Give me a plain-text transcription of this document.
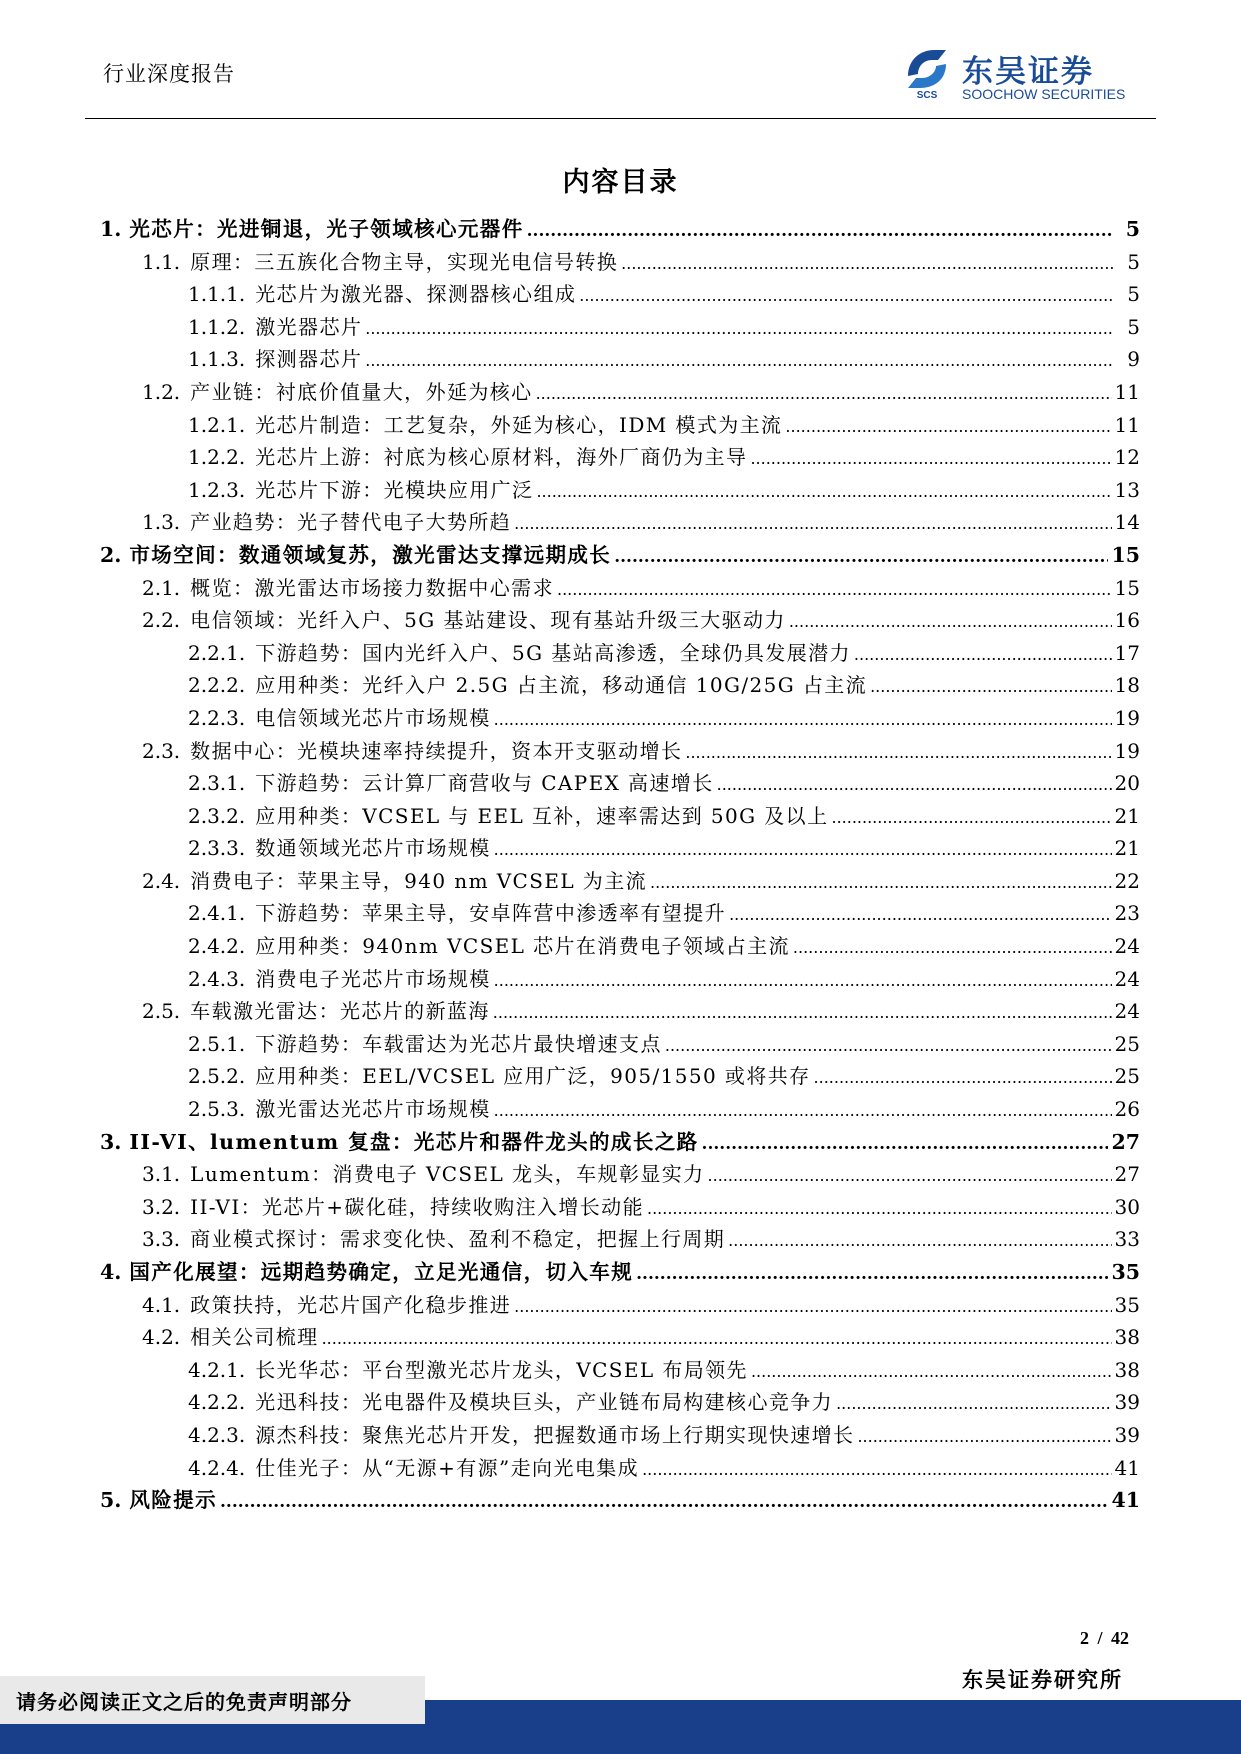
行业深度报告
SCS
东吴证券
SOOCHOW SECURITIES
内容目录
1. 光芯片：光进铜退，光子领域核心元器件 .....	5
1.1. 原理：三五族化合物主导，实现光电信号转换 .....	5
1.1.1. 光芯片为激光器、探测器核心组成 .....	5
1.1.2. 激光器芯片 .....	5
1.1.3. 探测器芯片 .....	9
1.2. 产业链：衬底价值量大，外延为核心 .....	11
1.2.1. 光芯片制造：工艺复杂，外延为核心，IDM 模式为主流 .....	11
1.2.2. 光芯片上游：衬底为核心原材料，海外厂商仍为主导 .....	12
1.2.3. 光芯片下游：光模块应用广泛 .....	13
1.3. 产业趋势：光子替代电子大势所趋 .....	14
2. 市场空间：数通领域复苏，激光雷达支撑远期成长 .....	15
2.1. 概览：激光雷达市场接力数据中心需求 .....	15
2.2. 电信领域：光纤入户、5G 基站建设、现有基站升级三大驱动力 .....	16
2.2.1. 下游趋势：国内光纤入户、5G 基站高渗透，全球仍具发展潜力 .....	17
2.2.2. 应用种类：光纤入户 2.5G 占主流，移动通信 10G/25G 占主流 .....	18
2.2.3. 电信领域光芯片市场规模 .....	19
2.3. 数据中心：光模块速率持续提升，资本开支驱动增长 .....	19
2.3.1. 下游趋势：云计算厂商营收与 CAPEX 高速增长 .....	20
2.3.2. 应用种类：VCSEL 与 EEL 互补，速率需达到 50G 及以上 .....	21
2.3.3. 数通领域光芯片市场规模 .....	21
2.4. 消费电子：苹果主导，940 nm VCSEL 为主流 .....	22
2.4.1. 下游趋势：苹果主导，安卓阵营中渗透率有望提升 .....	23
2.4.2. 应用种类：940nm VCSEL 芯片在消费电子领域占主流 .....	24
2.4.3. 消费电子光芯片市场规模 .....	24
2.5. 车载激光雷达：光芯片的新蓝海 .....	24
2.5.1. 下游趋势：车载雷达为光芯片最快增速支点 .....	25
2.5.2. 应用种类：EEL/VCSEL 应用广泛，905/1550 或将共存 .....	25
2.5.3. 激光雷达光芯片市场规模 .....	26
3. II-VI、lumentum 复盘：光芯片和器件龙头的成长之路 .....	27
3.1. Lumentum：消费电子 VCSEL 龙头，车规彰显实力 .....	27
3.2. II-VI：光芯片+碳化硅，持续收购注入增长动能 .....	30
3.3. 商业模式探讨：需求变化快、盈利不稳定，把握上行周期 .....	33
4. 国产化展望：远期趋势确定，立足光通信，切入车规 .....	35
4.1. 政策扶持，光芯片国产化稳步推进 .....	35
4.2. 相关公司梳理 .....	38
4.2.1. 长光华芯：平台型激光芯片龙头，VCSEL 布局领先 .....	38
4.2.2. 光迅科技：光电器件及模块巨头，产业链布局构建核心竞争力 .....	39
4.2.3. 源杰科技：聚焦光芯片开发，把握数通市场上行期实现快速增长 .....	39
4.2.4. 仕佳光子：从“无源+有源”走向光电集成 .....	41
5. 风险提示 .....	41
2 / 42
东吴证券研究所
请务必阅读正文之后的免责声明部分
